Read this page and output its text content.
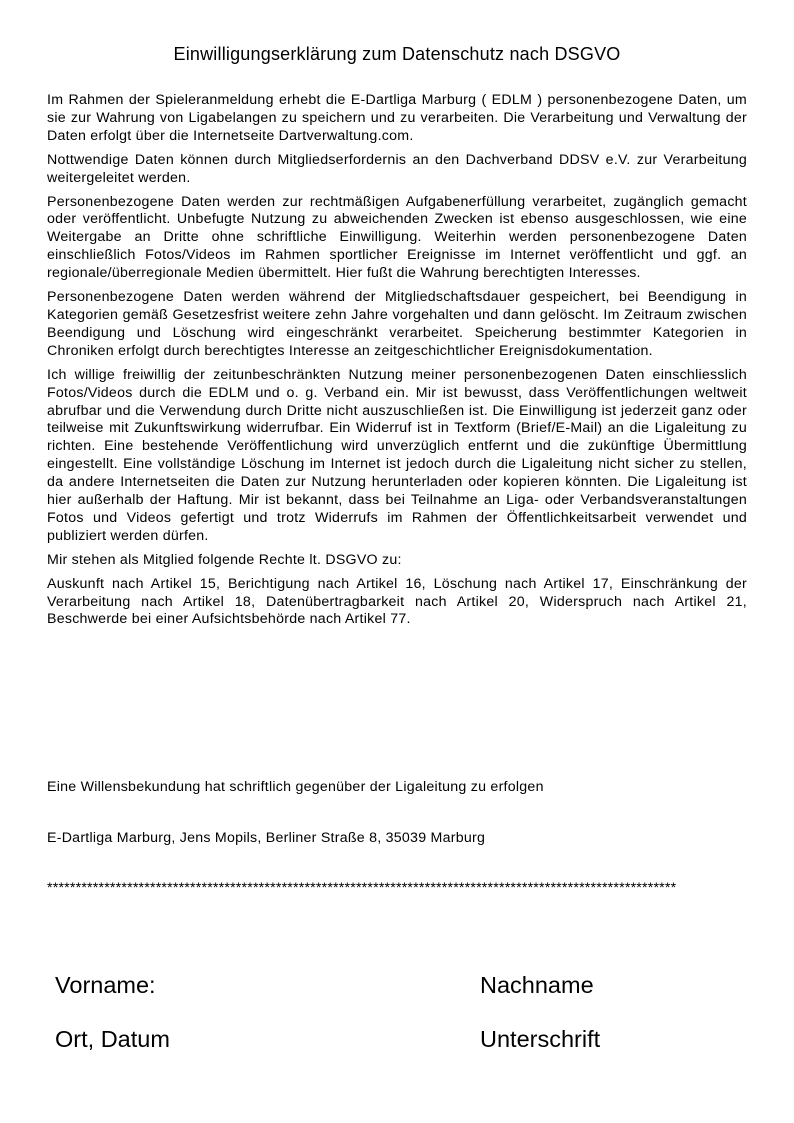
Einwilligungserklärung zum Datenschutz nach DSGVO

Im Rahmen der Spieleranmeldung erhebt die E-Dartliga Marburg ( EDLM ) personenbezogene Daten, um sie zur Wahrung von Ligabelangen zu speichern und zu verarbeiten. Die Verarbeitung und Verwaltung der Daten erfolgt über die Internetseite Dartverwaltung.com.

Nottwendige Daten können durch Mitgliedserfordernis an den Dachverband DDSV e.V. zur Verarbeitung weitergeleitet werden.

Personenbezogene Daten werden zur rechtmäßigen Aufgabenerfüllung verarbeitet, zugänglich gemacht oder veröffentlicht. Unbefugte Nutzung zu abweichenden Zwecken ist ebenso ausgeschlossen, wie eine Weitergabe an Dritte ohne schriftliche Einwilligung. Weiterhin werden personenbezogene Daten einschließlich Fotos/Videos im Rahmen sportlicher Ereignisse im Internet veröffentlicht und ggf. an regionale/überregionale Medien übermittelt. Hier fußt die Wahrung berechtigten Interesses.

Personenbezogene Daten werden während der Mitgliedschaftsdauer gespeichert, bei Beendigung in Kategorien gemäß Gesetzesfrist weitere zehn Jahre vorgehalten und dann gelöscht. Im Zeitraum zwischen Beendigung und Löschung wird eingeschränkt verarbeitet. Speicherung bestimmter Kategorien in Chroniken erfolgt durch berechtigtes Interesse an zeitgeschichtlicher Ereignisdokumentation.

Ich willige freiwillig der zeitunbeschränkten Nutzung meiner personenbezogenen Daten einschliesslich Fotos/Videos durch die EDLM und o. g. Verband ein. Mir ist bewusst, dass Veröffentlichungen weltweit abrufbar und die Verwendung durch Dritte nicht auszuschließen ist. Die Einwilligung ist jederzeit ganz oder teilweise mit Zukunftswirkung widerrufbar. Ein Widerruf ist in Textform (Brief/E-Mail) an die Ligaleitung zu richten. Eine bestehende Veröffentlichung wird unverzüglich entfernt und die zukünftige Übermittlung eingestellt. Eine vollständige Löschung im Internet ist jedoch durch die Ligaleitung nicht sicher zu stellen, da andere Internetseiten die Daten zur Nutzung herunterladen oder kopieren könnten. Die Ligaleitung ist hier außerhalb der Haftung. Mir ist bekannt, dass bei Teilnahme an Liga- oder Verbandsveranstaltungen Fotos und Videos gefertigt und trotz Widerrufs im Rahmen der Öffentlichkeitsarbeit verwendet und publiziert werden dürfen.

Mir stehen als Mitglied folgende Rechte lt. DSGVO zu:

Auskunft nach Artikel 15, Berichtigung nach Artikel 16, Löschung nach Artikel 17, Einschränkung der Verarbeitung nach Artikel 18, Datenübertragbarkeit nach Artikel 20, Widerspruch nach Artikel 21, Beschwerde bei einer Aufsichtsbehörde nach Artikel 77.

Eine Willensbekundung hat schriftlich gegenüber der Ligaleitung zu erfolgen
E-Dartliga Marburg, Jens Mopils, Berliner Straße 8, 35039 Marburg
**************************************************************************************************************
Vorname:	Nachname
Ort, Datum	Unterschrift
